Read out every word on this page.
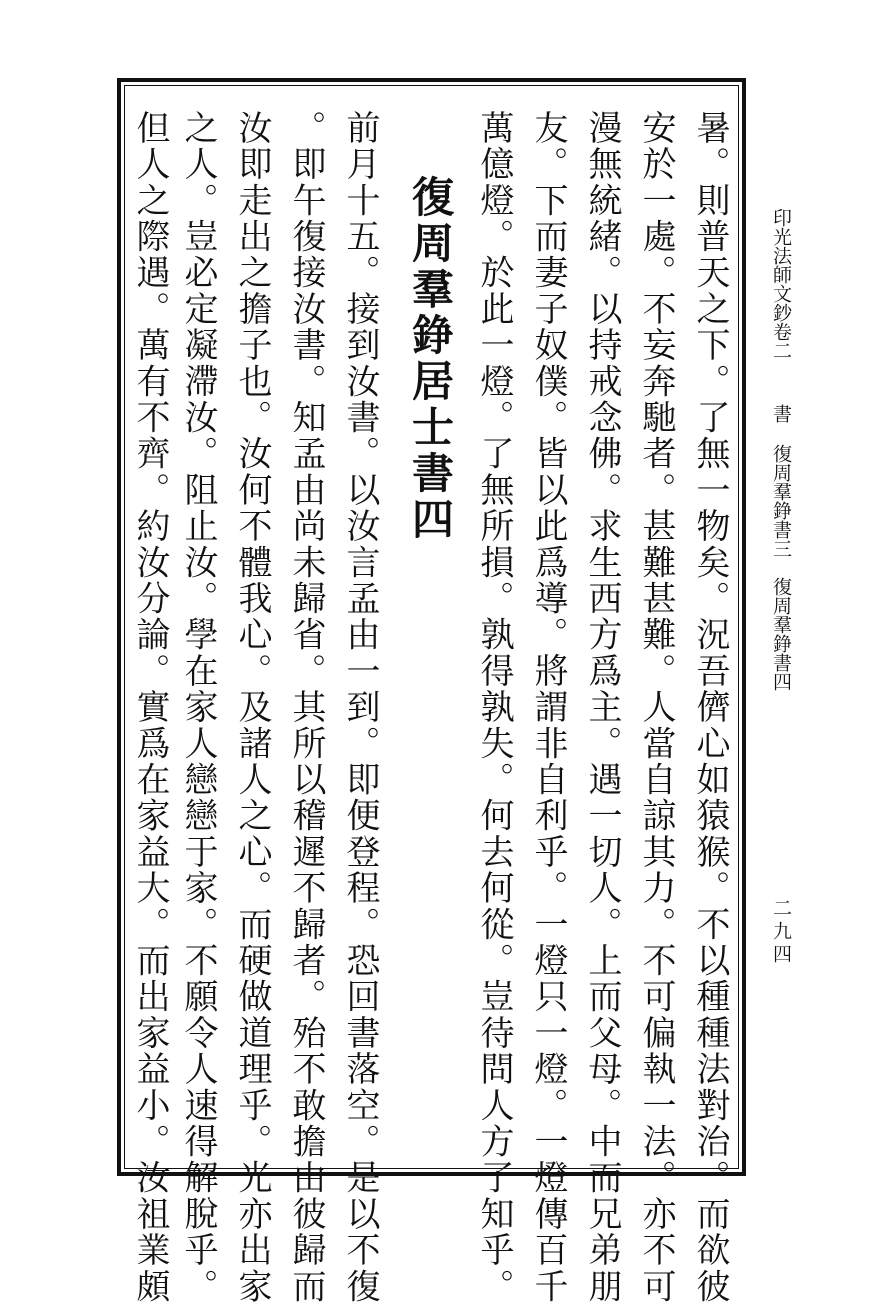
印光法師文鈔卷二
書
復周羣錚書三　復周羣錚書四
二九四
暑。則普天之下。了無一物矣。況吾儕心如猿猴。不以種種法對治。而欲彼
安於一處。不妄奔馳者。甚難甚難。人當自諒其力。不可偏執一法。亦不可
漫無統緒。以持戒念佛。求生西方爲主。遇一切人。上而父母。中而兄弟朋
友。下而妻子奴僕。皆以此爲導。將謂非自利乎。一燈只一燈。一燈傳百千
萬億燈。於此一燈。了無所損。孰得孰失。何去何從。豈待問人方了知乎。
復周羣錚居士書四
前月十五。接到汝書。以汝言孟由一到。即便登程。恐回書落空。是以不復
。即午復接汝書。知孟由尚未歸省。其所以稽遲不歸者。殆不敢擔由彼歸而
汝即走出之擔子也。汝何不體我心。及諸人之心。而硬做道理乎。光亦出家
之人。豈必定凝滯汝。阻止汝。學在家人戀戀于家。不願令人速得解脫乎。
但人之際遇。萬有不齊。約汝分論。實爲在家益大。而出家益小。汝祖業頗
